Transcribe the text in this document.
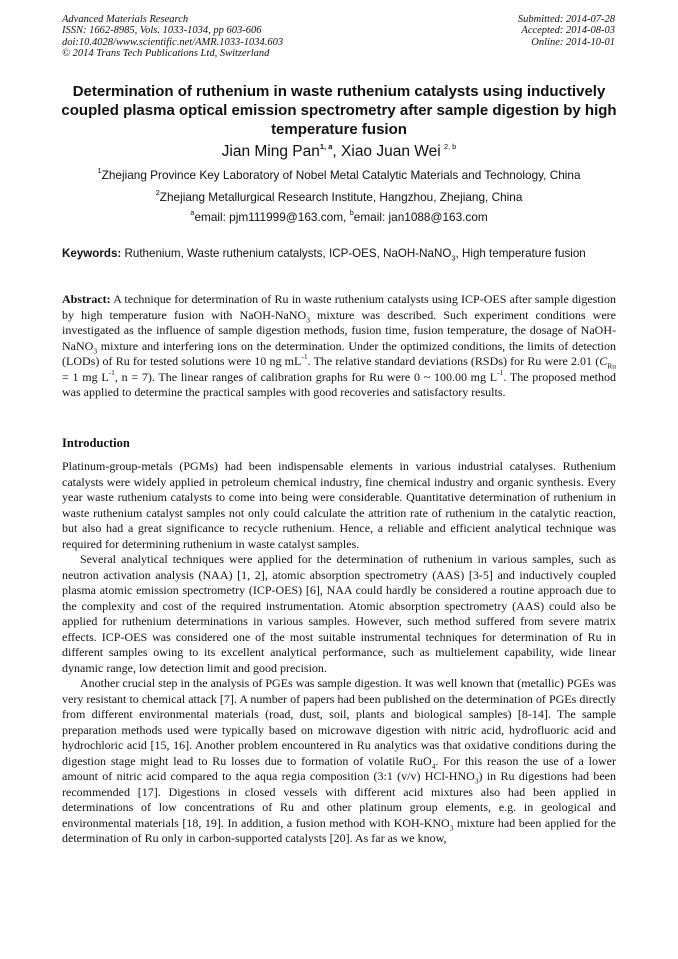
Advanced Materials Research
ISSN: 1662-8985, Vols. 1033-1034, pp 603-606
doi:10.4028/www.scientific.net/AMR.1033-1034.603
© 2014 Trans Tech Publications Ltd, Switzerland
Submitted: 2014-07-28
Accepted: 2014-08-03
Online: 2014-10-01
Determination of ruthenium in waste ruthenium catalysts using inductively coupled plasma optical emission spectrometry after sample digestion by high temperature fusion
Jian Ming Pan$^{1, a}$, Xiao Juan Wei  $^{2, b}$
$^1$Zhejiang Province Key Laboratory of Nobel Metal Catalytic Materials and Technology, China
$^2$Zhejiang Metallurgical Research Institute, Hangzhou, Zhejiang, China
$^a$email: pjm111999@163.com, $^b$email: jan1088@163.com
Keywords: Ruthenium, Waste ruthenium catalysts, ICP-OES, NaOH-NaNO$_3$, High temperature fusion
Abstract: A technique for determination of Ru in waste ruthenium catalysts using ICP-OES after sample digestion by high temperature fusion with NaOH-NaNO$_3$ mixture was described. Such experiment conditions were investigated as the influence of sample digestion methods, fusion time, fusion temperature, the dosage of NaOH-NaNO$_3$ mixture and interfering ions on the determination. Under the optimized conditions, the limits of detection (LODs) of Ru for tested solutions were 10 ng $mL^{-1}$. The relative standard deviations (RSDs) for Ru were 2.01 ($C_{Ru} = 1$ mg $L^{-1}$, n = 7). The linear ranges of calibration graphs for Ru were 0 ~ 100.00 mg $L^{-1}$. The proposed method was applied to determine the practical samples with good recoveries and satisfactory results.
Introduction

Platinum-group-metals (PGMs) had been indispensable elements in various industrial catalyses. Ruthenium catalysts were widely applied in petroleum chemical industry, fine chemical industry and organic synthesis. Every year waste ruthenium catalysts to come into being were considerable. Quantitative determination of ruthenium in waste ruthenium catalyst samples not only could calculate the attrition rate of ruthenium in the catalytic reaction, but also had a great significance to recycle ruthenium. Hence, a reliable and efficient analytical technique was required for determining ruthenium in waste catalyst samples.

Several analytical techniques were applied for the determination of ruthenium in various samples, such as neutron activation analysis (NAA) [1, 2], atomic absorption spectrometry (AAS) [3-5] and inductively coupled plasma atomic emission spectrometry (ICP-OES) [6], NAA could hardly be considered a routine approach due to the complexity and cost of the required instrumentation. Atomic absorption spectrometry (AAS) could also be applied for ruthenium determinations in various samples. However, such method suffered from severe matrix effects. ICP-OES was considered one of the most suitable instrumental techniques for determination of Ru in different samples owing to its excellent analytical performance, such as multielement capability, wide linear dynamic range, low detection limit and good precision.

Another crucial step in the analysis of PGEs was sample digestion. It was well known that (metallic) PGEs was very resistant to chemical attack [7]. A number of papers had been published on the determination of PGEs directly from different environmental materials (road, dust, soil, plants and biological samples) [8-14]. The sample preparation methods used were typically based on microwave digestion with nitric acid, hydrofluoric acid and hydrochloric acid [15, 16]. Another problem encountered in Ru analytics was that oxidative conditions during the digestion stage might lead to Ru losses due to formation of volatile RuO$_4$. For this reason the use of a lower amount of nitric acid compared to the aqua regia composition (3:1 (v/v) HCl-$HNO_3$) in Ru digestions had been recommended [17]. Digestions in closed vessels with different acid mixtures also had been applied in determinations of low concentrations of Ru and other platinum group elements, e.g. in geological and environmental materials [18, 19]. In addition, a fusion method with KOH-$KNO_3$ mixture had been applied for the determination of Ru only in carbon-supported catalysts [20]. As far as we know,
